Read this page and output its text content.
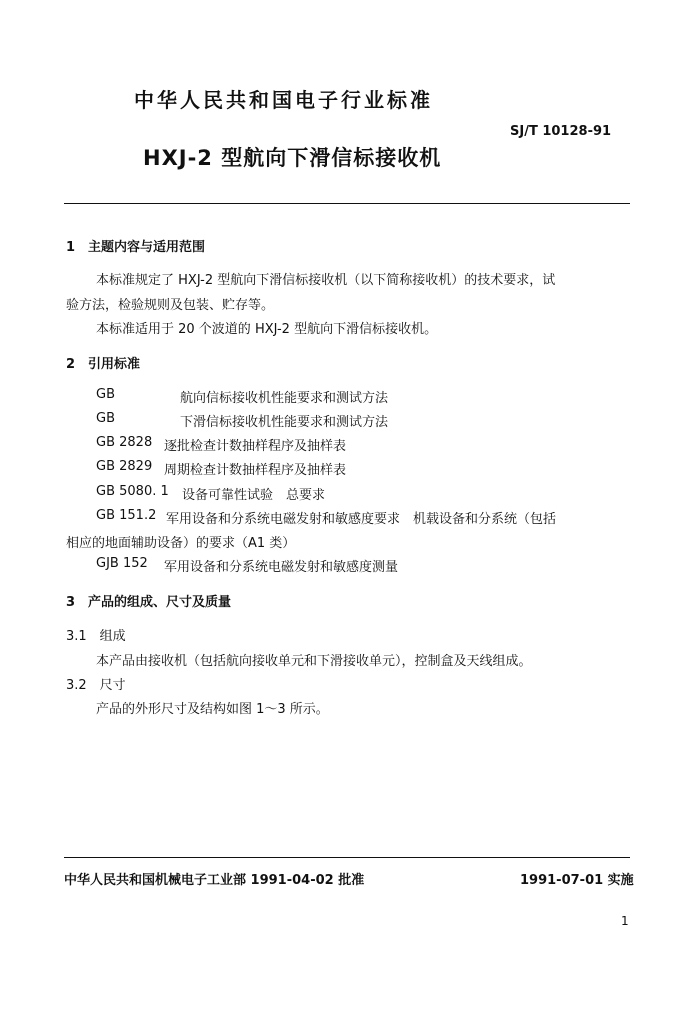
中华人民共和国电子行业标准
SJ/T 10128-91
HXJ-2 型航向下滑信标接收机
1　主题内容与适用范围
本标准规定了 HXJ-2 型航向下滑信标接收机（以下简称接收机）的技术要求，试
验方法，检验规则及包装、贮存等。
本标准适用于 20 个波道的 HXJ-2 型航向下滑信标接收机。
2　引用标准
GB	航向信标接收机性能要求和测试方法
GB	下滑信标接收机性能要求和测试方法
GB 2828 逐批检查计数抽样程序及抽样表
GB 2829 周期检查计数抽样程序及抽样表
GB 5080. 1 设备可靠性试验　总要求
GB 151.2 军用设备和分系统电磁发射和敏感度要求　机载设备和分系统（包括
相应的地面辅助设备）的要求（A1 类）
GJB 152 军用设备和分系统电磁发射和敏感度测量
3　产品的组成、尺寸及质量
3.1　组成
本产品由接收机（包括航向接收单元和下滑接收单元），控制盒及天线组成。
3.2　尺寸
产品的外形尺寸及结构如图 1～3 所示。
中华人民共和国机械电子工业部 1991-04-02 批准	1991-07-01 实施
1
